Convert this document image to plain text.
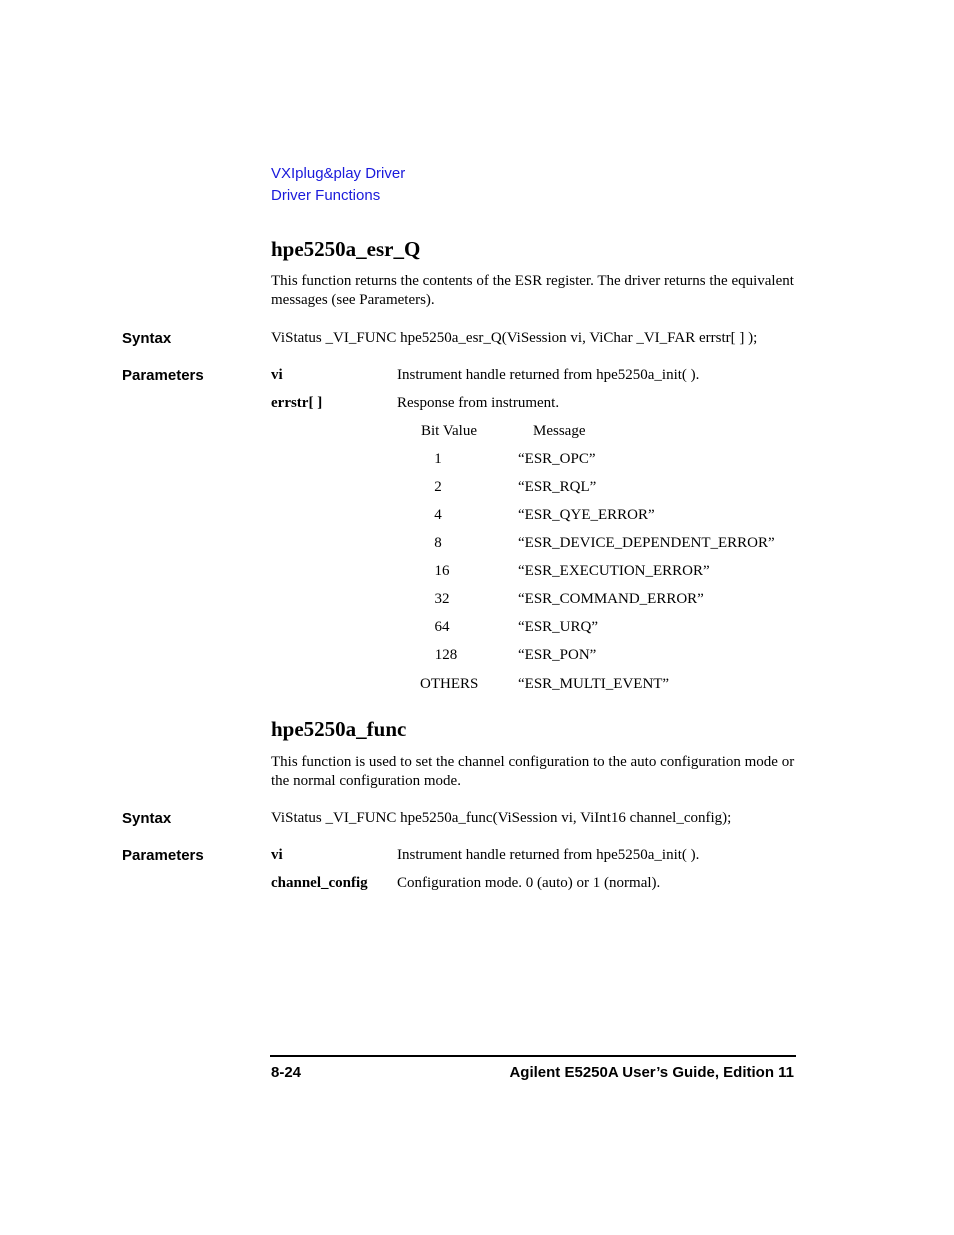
VXIplug&play Driver
Driver Functions
hpe5250a_esr_Q
This function returns the contents of the ESR register. The driver returns the equivalent messages (see Parameters).
Syntax	ViStatus _VI_FUNC hpe5250a_esr_Q(ViSession vi, ViChar _VI_FAR errstr[ ] );
Parameters	vi	Instrument handle returned from hpe5250a_init( ).
errstr[ ]	Response from instrument.
Bit Value	Message
1	“ESR_OPC”
2	“ESR_RQL”
4	“ESR_QYE_ERROR”
8	“ESR_DEVICE_DEPENDENT_ERROR”
16	“ESR_EXECUTION_ERROR”
32	“ESR_COMMAND_ERROR”
64	“ESR_URQ”
128	“ESR_PON”
OTHERS	“ESR_MULTI_EVENT”
hpe5250a_func
This function is used to set the channel configuration to the auto configuration mode or the normal configuration mode.
Syntax	ViStatus _VI_FUNC hpe5250a_func(ViSession vi, ViInt16 channel_config);
Parameters	vi	Instrument handle returned from hpe5250a_init( ).
channel_config Configuration mode. 0 (auto) or 1 (normal).
8-24	Agilent E5250A User’s Guide, Edition 11
